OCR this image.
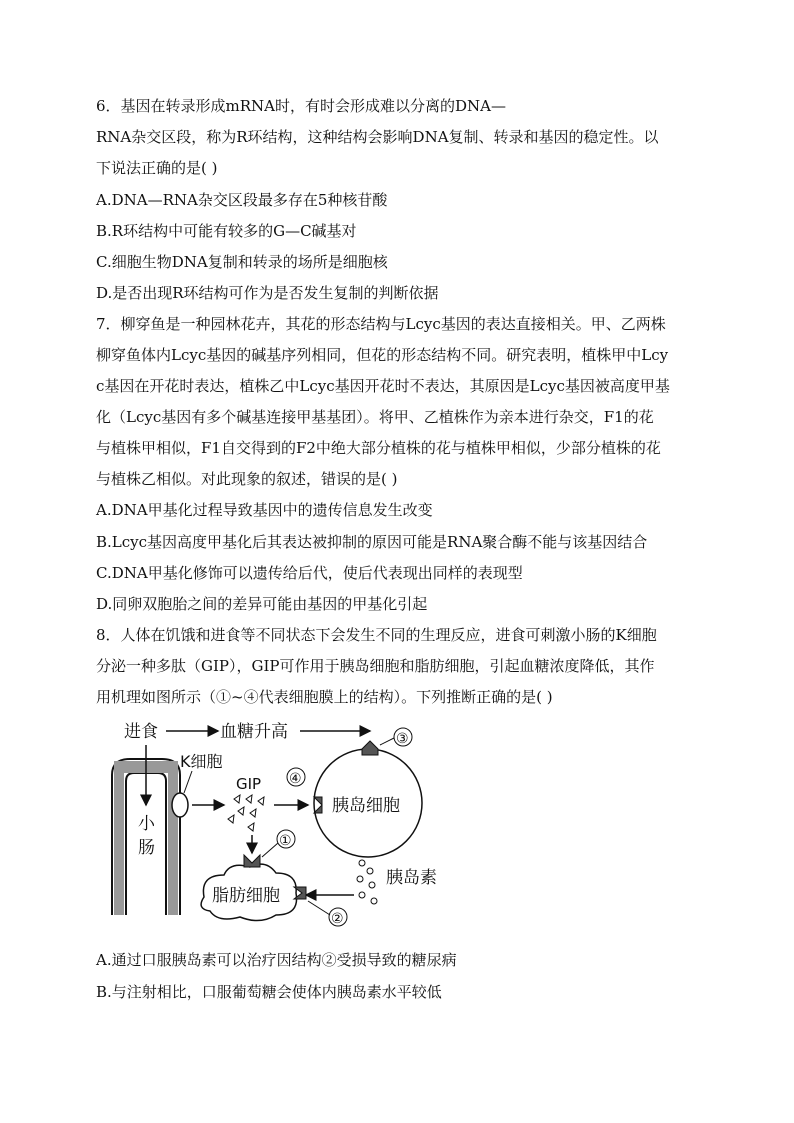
6．基因在转录形成mRNA时，有时会形成难以分离的DNA—
RNA杂交区段，称为R环结构，这种结构会影响DNA复制、转录和基因的稳定性。以
下说法正确的是( )
A.DNA—RNA杂交区段最多存在5种核苷酸
B.R环结构中可能有较多的G—C碱基对
C.细胞生物DNA复制和转录的场所是细胞核
D.是否出现R环结构可作为是否发生复制的判断依据
7．柳穿鱼是一种园林花卉，其花的形态结构与Lcyc基因的表达直接相关。甲、乙两株
柳穿鱼体内Lcyc基因的碱基序列相同，但花的形态结构不同。研究表明，植株甲中Lcy
c基因在开花时表达，植株乙中Lcyc基因开花时不表达，其原因是Lcyc基因被高度甲基
化（Lcyc基因有多个碱基连接甲基基团）。将甲、乙植株作为亲本进行杂交，F1的花
与植株甲相似，F1自交得到的F2中绝大部分植株的花与植株甲相似，少部分植株的花
与植株乙相似。对此现象的叙述，错误的是( )
A.DNA甲基化过程导致基因中的遗传信息发生改变
B.Lcyc基因高度甲基化后其表达被抑制的原因可能是RNA聚合酶不能与该基因结合
C.DNA甲基化修饰可以遗传给后代，使后代表现出同样的表现型
D.同卵双胞胎之间的差异可能由基因的甲基化引起
8．人体在饥饿和进食等不同状态下会发生不同的生理反应，进食可刺激小肠的K细胞
分泌一种多肽（GIP），GIP可作用于胰岛细胞和脂肪细胞，引起血糖浓度降低，其作
用机理如图所示（①~④代表细胞膜上的结构）。下列推断正确的是( )
进食	血糖升高
小
肠
K细胞
GIP
胰岛细胞
③
④
胰岛素
脂肪细胞
①
②
A.通过口服胰岛素可以治疗因结构②受损导致的糖尿病
B.与注射相比，口服葡萄糖会使体内胰岛素水平较低
